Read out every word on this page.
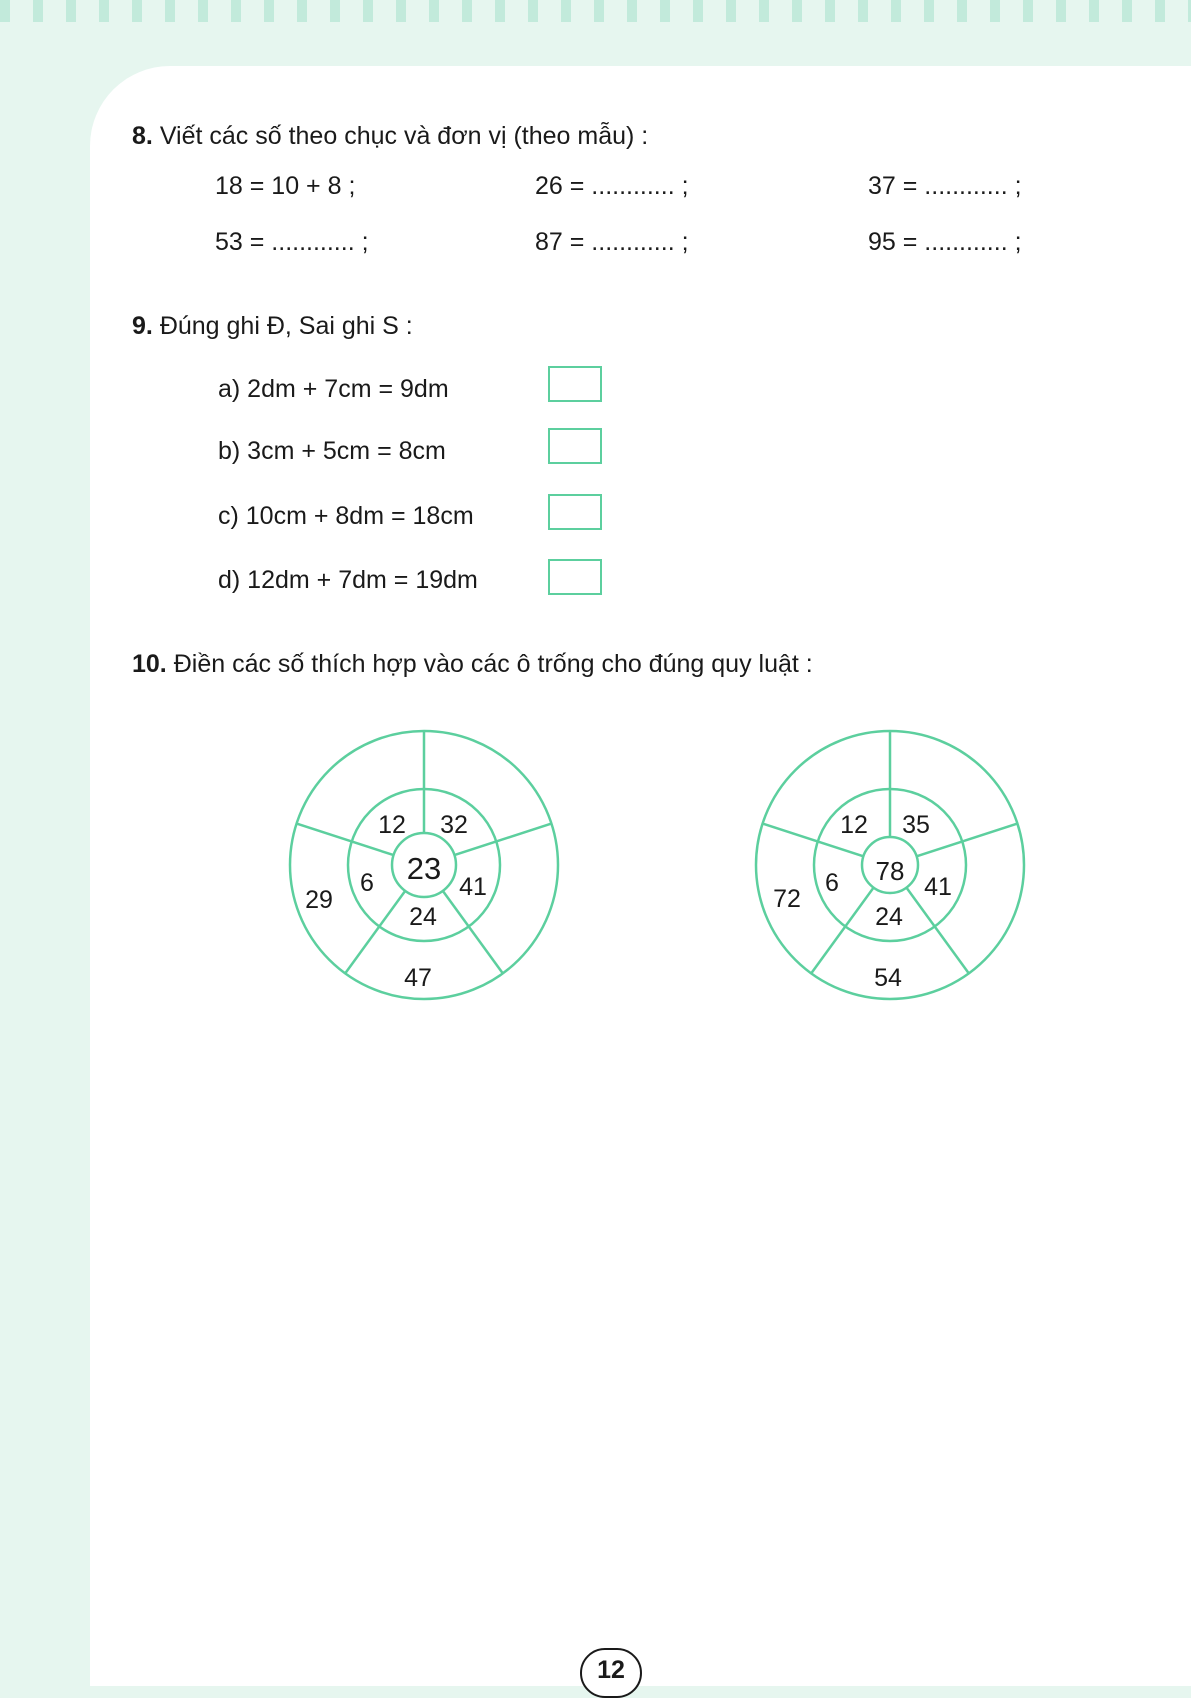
8. Viết các số theo chục và đơn vị (theo mẫu) :
18 = 10 + 8 ;	26 = ............ ;	37 = ............ ;
53 = ............ ;	87 = ............ ;	95 = ............ ;
9. Đúng ghi Đ, Sai ghi S :
a) 2dm + 7cm = 9dm
b) 3cm + 5cm = 8cm
c) 10cm + 8dm = 18cm
d) 12dm + 7dm = 19dm
10. Điền các số thích hợp vào các ô trống cho đúng quy luật :
23
12 32
41
24
6
47
29
78
12 35
41
24
6
54
72
12
